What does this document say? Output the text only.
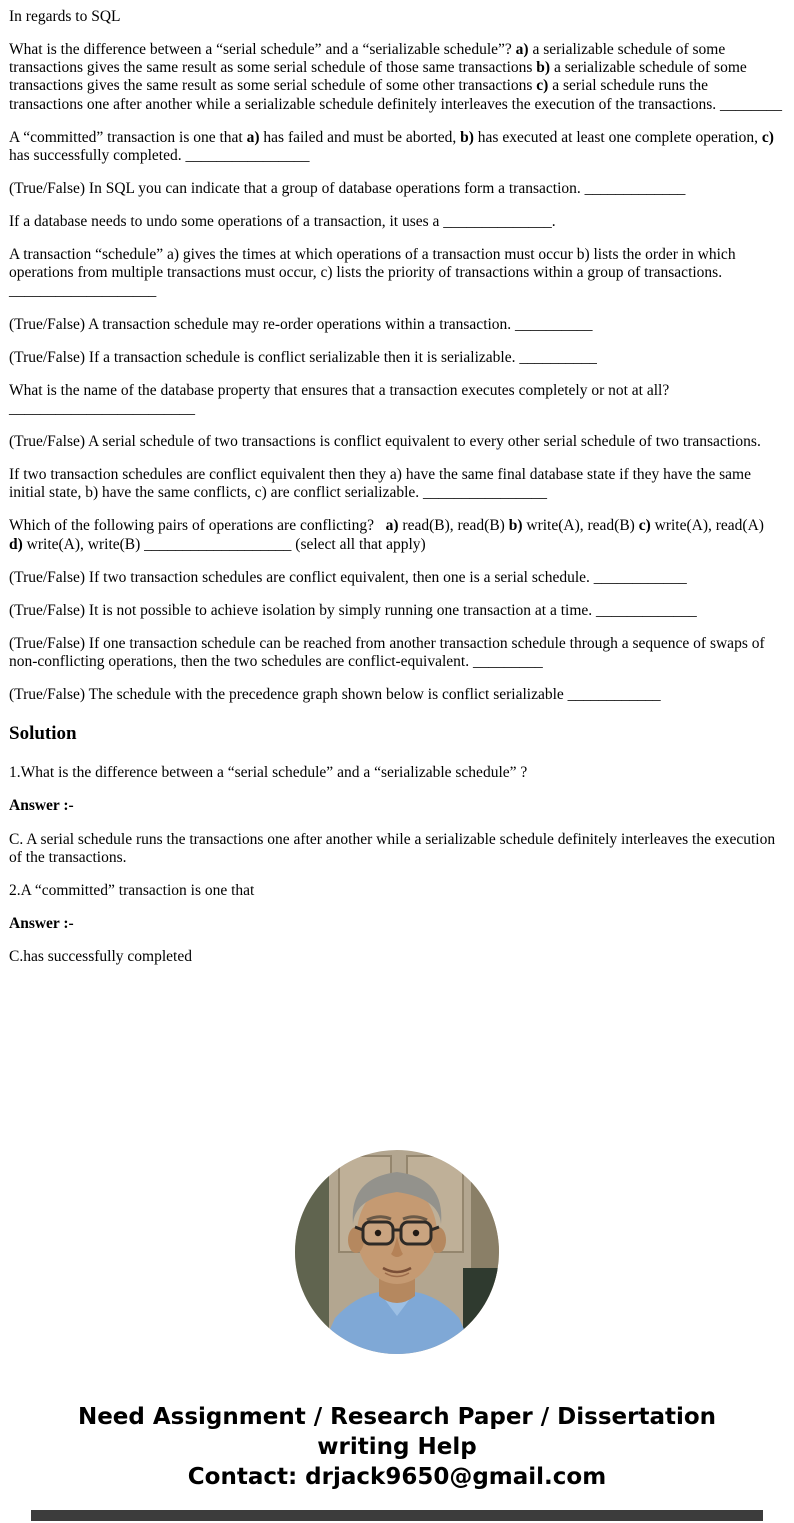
In regards to SQL

What is the difference between a “serial schedule” and a “serializable schedule”? a) a serializable schedule of some transactions gives the same result as some serial schedule of those same transactions b) a serializable schedule of some transactions gives the same result as some serial schedule of some other transactions c) a serial schedule runs the transactions one after another while a serializable schedule definitely interleaves the execution of the transactions. ________

A “committed” transaction is one that a) has failed and must be aborted, b) has executed at least one complete operation, c) has successfully completed. ________________

(True/False) In SQL you can indicate that a group of database operations form a transaction. _____________

If a database needs to undo some operations of a transaction, it uses a ______________.

A transaction “schedule” a) gives the times at which operations of a transaction must occur b) lists the order in which operations from multiple transactions must occur, c) lists the priority of transactions within a group of transactions. ___________________

(True/False) A transaction schedule may re-order operations within a transaction. __________

(True/False) If a transaction schedule is conflict serializable then it is serializable. __________

What is the name of the database property that ensures that a transaction executes completely or not at all? ________________________

(True/False) A serial schedule of two transactions is conflict equivalent to every other serial schedule of two transactions.

If two transaction schedules are conflict equivalent then they a) have the same final database state if they have the same initial state, b) have the same conflicts, c) are conflict serializable. ________________

Which of the following pairs of operations are conflicting?   a) read(B), read(B) b) write(A), read(B) c) write(A), read(A)   d) write(A), write(B) ___________________ (select all that apply)

(True/False) If two transaction schedules are conflict equivalent, then one is a serial schedule. ____________

(True/False) It is not possible to achieve isolation by simply running one transaction at a time. _____________

(True/False) If one transaction schedule can be reached from another transaction schedule through a sequence of swaps of non-conflicting operations, then the two schedules are conflict-equivalent. _________

(True/False) The schedule with the precedence graph shown below is conflict serializable ____________

Solution

1.What is the difference between a “serial schedule” and a “serializable schedule” ?

Answer :-

C. A serial schedule runs the transactions one after another while a serializable schedule definitely interleaves the execution of the transactions.

2.A “committed” transaction is one that

Answer :-

C.has successfully completed

Need Assignment / Research Paper / Dissertation writing Help
Contact: drjack9650@gmail.com
